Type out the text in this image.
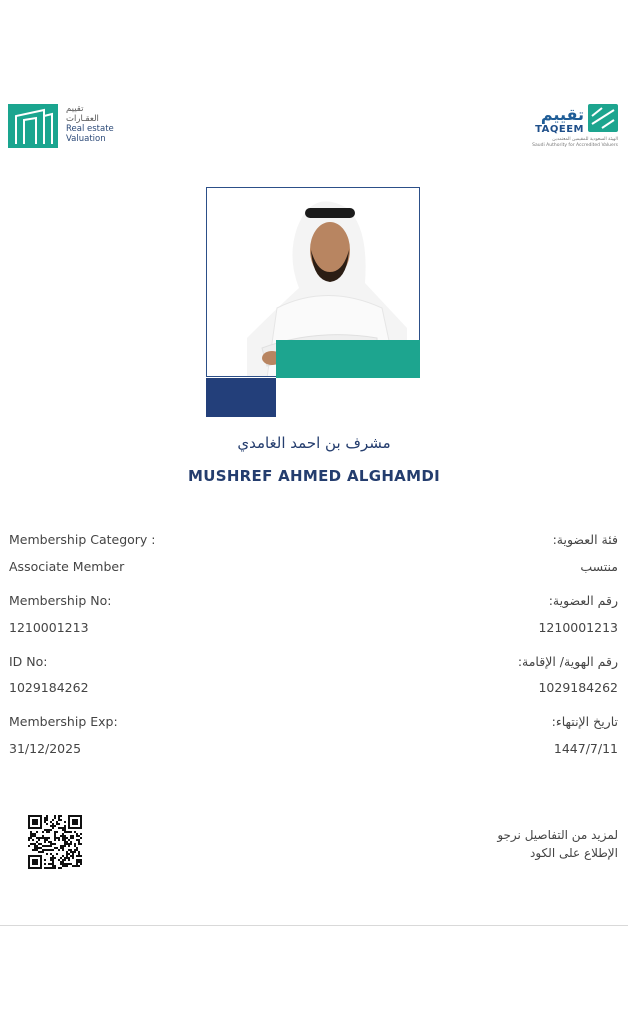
تقييم
العقـارات
Real estate
Valuation
تقييم
TAQEEM
الهيئة السعودية للمقيمين المعتمدين
Saudi Authority for Accredited Valuers
مشرف بن احمد الغامدي
MUSHREF AHMED ALGHAMDI
Membership Category :
Associate Member
فئة العضوية:
منتسب
Membership No:
1210001213
رقم العضوية:
1210001213
ID No:
1029184262
رقم الهوية/ الإقامة:
1029184262
Membership Exp:
31/12/2025
تاريخ الإنتهاء:
1447/7/11
لمزيد من التفاصيل نرجو
الإطلاع على الكود
